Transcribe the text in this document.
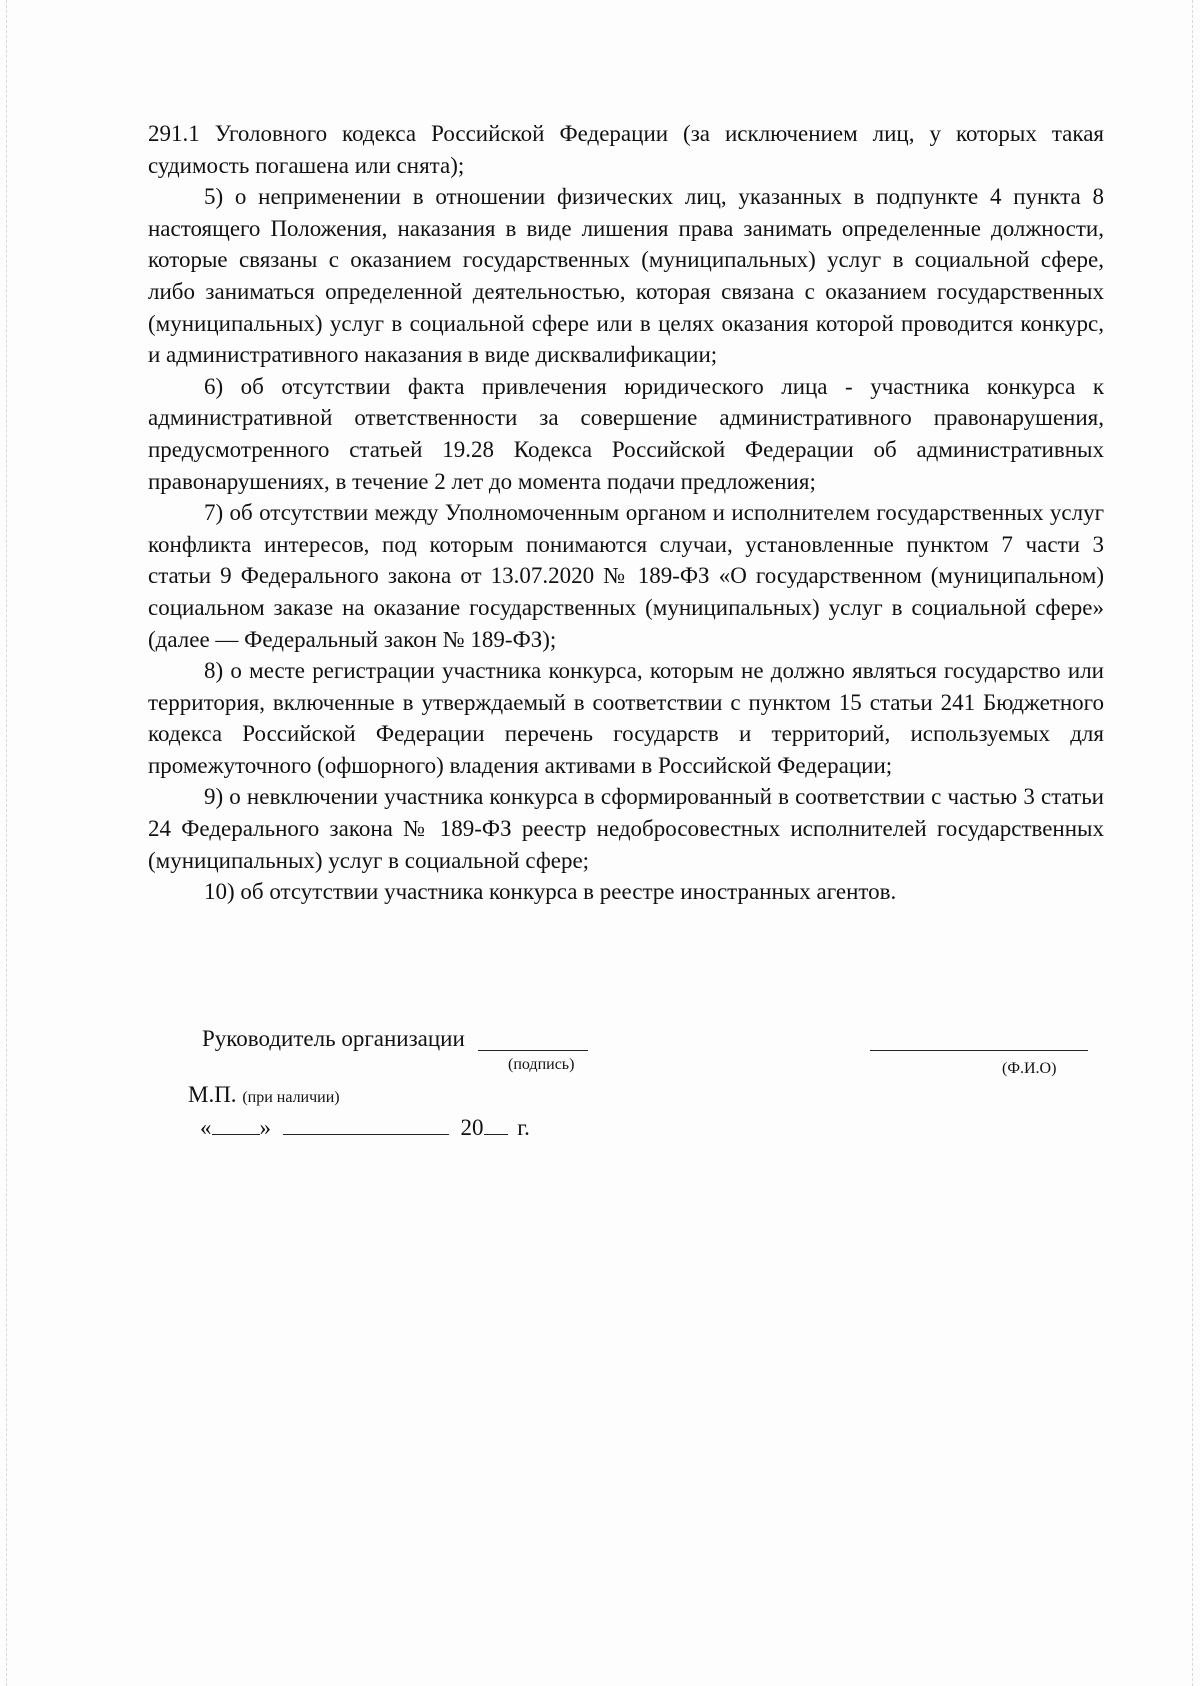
291.1 Уголовного кодекса Российской Федерации (за исключением лиц, у которых такая судимость погашена или снята);

5) о неприменении в отношении физических лиц, указанных в подпункте 4 пункта 8 настоящего Положения, наказания в виде лишения права занимать определенные должности, которые связаны с оказанием государственных (муниципальных) услуг в социальной сфере, либо заниматься определенной деятельностью, которая связана с оказанием государственных (муниципальных) услуг в социальной сфере или в целях оказания которой проводится конкурс, и административного наказания в виде дисквалификации;

6) об отсутствии факта привлечения юридического лица - участника конкурса к административной ответственности за совершение административного правонарушения, предусмотренного статьей 19.28 Кодекса Российской Федерации об административных правонарушениях, в течение 2 лет до момента подачи предложения;

7) об отсутствии между Уполномоченным органом и исполнителем государственных услуг конфликта интересов, под которым понимаются случаи, установленные пунктом 7 части 3 статьи 9 Федерального закона от 13.07.2020 № 189-ФЗ «О государственном (муниципальном) социальном заказе на оказание государственных (муниципальных) услуг в социальной сфере» (далее — Федеральный закон № 189-ФЗ);

8) о месте регистрации участника конкурса, которым не должно являться государство или территория, включенные в утверждаемый в соответствии с пунктом 15 статьи 241 Бюджетного кодекса Российской Федерации перечень государств и территорий, используемых для промежуточного (офшорного) владения активами в Российской Федерации;

9) о невключении участника конкурса в сформированный в соответствии с частью 3 статьи 24 Федерального закона № 189-ФЗ реестр недобросовестных исполнителей государственных (муниципальных) услуг в социальной сфере;

10) об отсутствии участника конкурса в реестре иностранных агентов.

Руководитель организации
(подпись)	(Ф.И.О)
М.П. (при наличии)
« »	20 г.
